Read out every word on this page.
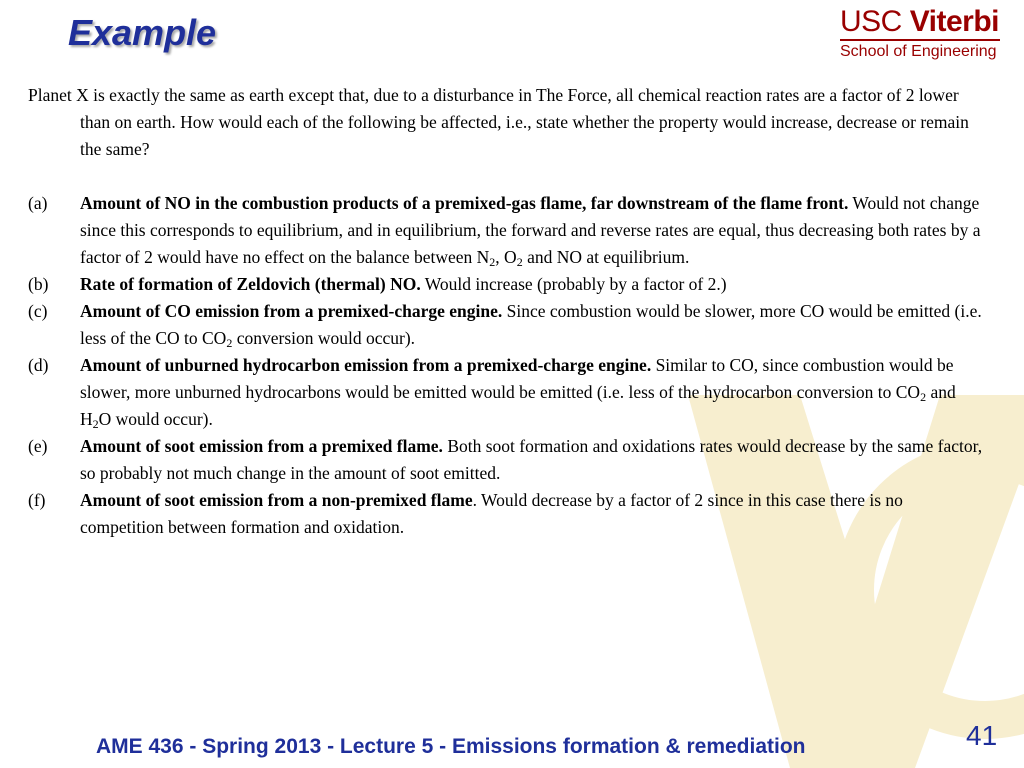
Example	USC Viterbi
School of Engineering

Planet X is exactly the same as earth except that, due to a disturbance in The Force, all chemical reaction rates are a factor of 2 lower than on earth. How would each of the following be affected, i.e., state whether the property would increase, decrease or remain the same?

(a) Amount of NO in the combustion products of a premixed-gas flame, far downstream of the flame front. Would not change since this corresponds to equilibrium, and in equilibrium, the forward and reverse rates are equal, thus decreasing both rates by a factor of 2 would have no effect on the balance between $N_2$, $O_2$ and NO at equilibrium.

(b) Rate of formation of Zeldovich (thermal) NO. Would increase (probably by a factor of 2.)

(c) Amount of CO emission from a premixed-charge engine. Since combustion would be slower, more CO would be emitted (i.e. less of the CO to $CO_2$ conversion would occur).

(d) Amount of unburned hydrocarbon emission from a premixed-charge engine. Similar to CO, since combustion would be slower, more unburned hydrocarbons would be emitted would be emitted (i.e. less of the hydrocarbon conversion to $CO_2$ and $H_2O$ would occur).

(e) Amount of soot emission from a premixed flame. Both soot formation and oxidations rates would decrease by the same factor, so probably not much change in the amount of soot emitted.

(f) Amount of soot emission from a non-premixed flame. Would decrease by a factor of 2 since in this case there is no competition between formation and oxidation.

AME 436 - Spring 2013 - Lecture 5 - Emissions formation & remediation	41
